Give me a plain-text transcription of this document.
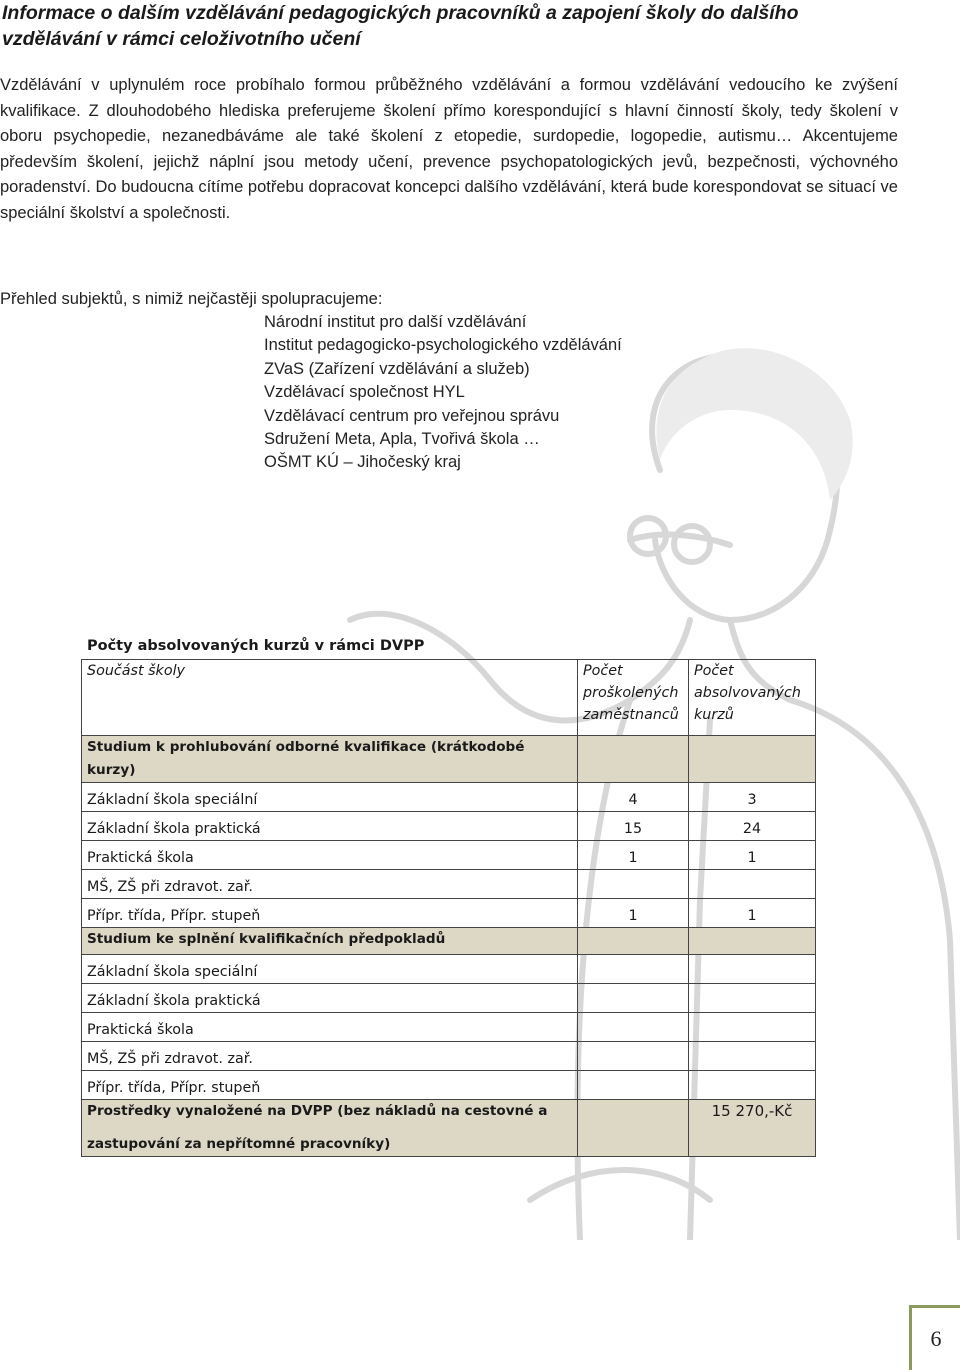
Informace o dalším vzdělávání pedagogických pracovníků a zapojení školy do dalšího vzdělávání v rámci celoživotního učení

Vzdělávání v uplynulém roce probíhalo formou průběžného vzdělávání a formou vzdělávání vedoucího ke zvýšení kvalifikace. Z dlouhodobého hlediska preferujeme školení přímo korespondující s hlavní činností školy, tedy školení v oboru psychopedie, nezanedbáváme ale také školení z etopedie, surdopedie, logopedie, autismu… Akcentujeme především školení, jejichž náplní jsou metody učení, prevence psychopatologických jevů, bezpečnosti, výchovného poradenství. Do budoucna cítíme potřebu dopracovat koncepci dalšího vzdělávání, která bude korespondovat se situací ve speciální školství a společnosti.

Přehled subjektů, s nimiž nejčastěji spolupracujeme:

Národní institut pro další vzdělávání
Institut pedagogicko-psychologického vzdělávání
ZVaS (Zařízení vzdělávání a služeb)
Vzdělávací společnost HYL
Vzdělávací centrum pro veřejnou správu
Sdružení Meta, Apla, Tvořivá škola …
OŠMT KÚ – Jihočeský kraj

Počty absolvovaných kurzů v rámci DVPP

Součást školy	Počet proškolených zaměstnanců	Počet absolvovaných kurzů
Studium k prohlubování odborné kvalifikace (krátkodobé kurzy)		
Základní škola speciální	4	3
Základní škola praktická	15	24
Praktická škola	1	1
MŠ, ZŠ při zdravot. zař.		
Přípr. třída, Přípr. stupeň	1	1
Studium ke splnění kvalifikačních předpokladů		
Základní škola speciální		
Základní škola praktická		
Praktická škola		
MŠ, ZŠ při zdravot. zař.		
Přípr. třída, Přípr. stupeň		
Prostředky vynaložené na DVPP (bez nákladů na cestovné a
zastupování za nepřítomné pracovníky)		15 270,-Kč
6
